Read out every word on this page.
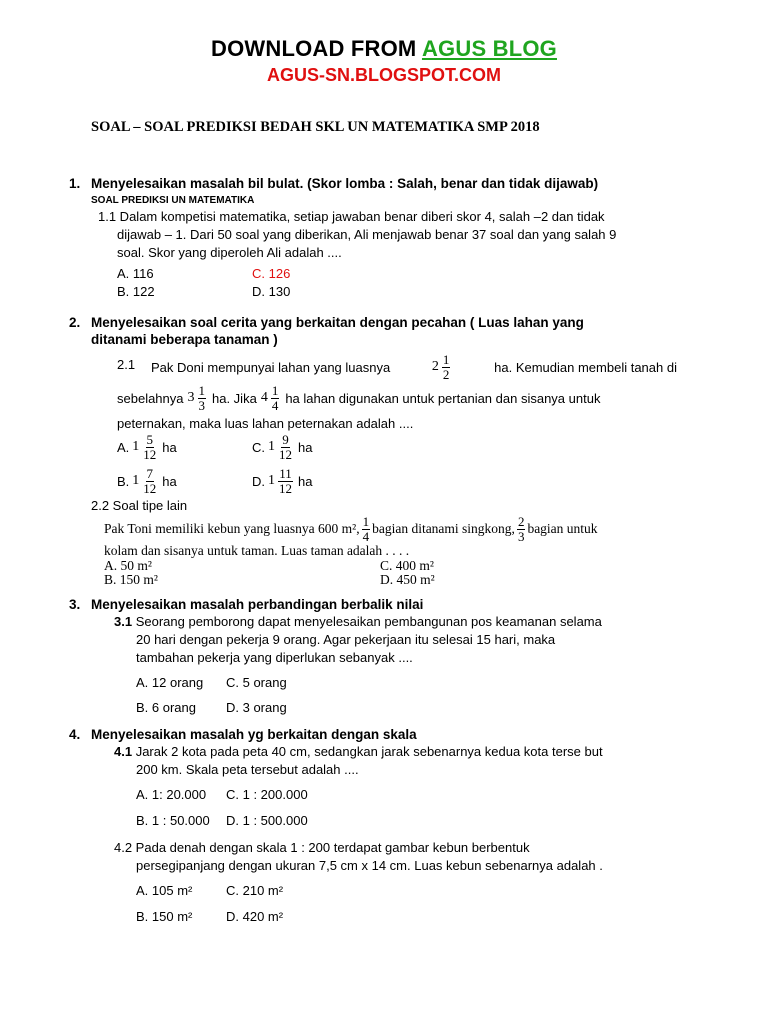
DOWNLOAD FROM AGUS BLOG
AGUS-SN.BLOGSPOT.COM
SOAL – SOAL PREDIKSI BEDAH SKL UN MATEMATIKA SMP 2018
1. Menyelesaikan masalah bil bulat. (Skor lomba : Salah, benar dan tidak dijawab)
SOAL PREDIKSI UN MATEMATIKA
1.1 Dalam kompetisi matematika, setiap jawaban benar diberi skor 4, salah –2 dan tidak
dijawab – 1. Dari 50 soal yang diberikan, Ali menjawab benar 37 soal dan yang salah 9
soal. Skor yang diperoleh Ali adalah ....
A. 116	C. 126
B. 122	D. 130
2. Menyelesaikan soal cerita yang berkaitan dengan pecahan ( Luas lahan yang
ditanami beberapa tanaman )
2.1 Pak Doni mempunyai lahan yang luasnya	$2 \frac{1}{2}$	ha. Kemudian membeli tanah di
sebelahnya $3 \frac{1}{3}$ ha. Jika $4 \frac{1}{4}$ ha lahan digunakan untuk pertanian dan sisanya untuk
peternakan, maka luas lahan peternakan adalah ....
A. $1 \frac{5}{12}$ ha	C. $1 \frac{9}{12}$ ha
B. $1 \frac{7}{12}$ ha	D. $1 \frac{11}{12}$ ha
2.2 Soal tipe lain
Pak Toni memiliki kebun yang luasnya 600 m², $\frac{1}{4}$ bagian ditanami singkong, $\frac{2}{3}$ bagian untuk
kolam dan sisanya untuk taman. Luas taman adalah . . . .
A. 50 m²	C. 400 m²
B. 150 m²	D. 450 m²
3. Menyelesaikan masalah perbandingan berbalik nilai
3.1 Seorang pemborong dapat menyelesaikan pembangunan pos keamanan selama
20 hari dengan pekerja 9 orang. Agar pekerjaan itu selesai 15 hari, maka
tambahan pekerja yang diperlukan sebanyak ....
A. 12 orang C. 5 orang
B. 6 orang D. 3 orang
4. Menyelesaikan masalah yg berkaitan dengan skala
4.1 Jarak 2 kota pada peta 40 cm, sedangkan jarak sebenarnya kedua kota terse but
200 km. Skala peta tersebut adalah ....
A. 1: 20.000 C. 1 : 200.000
B. 1 : 50.000 D. 1 : 500.000
4.2 Pada denah dengan skala 1 : 200 terdapat gambar kebun berbentuk
persegipanjang dengan ukuran 7,5 cm x 14 cm. Luas kebun sebenarnya adalah .
A. 105 m²	C. 210 m²
B. 150 m²	D. 420 m²
